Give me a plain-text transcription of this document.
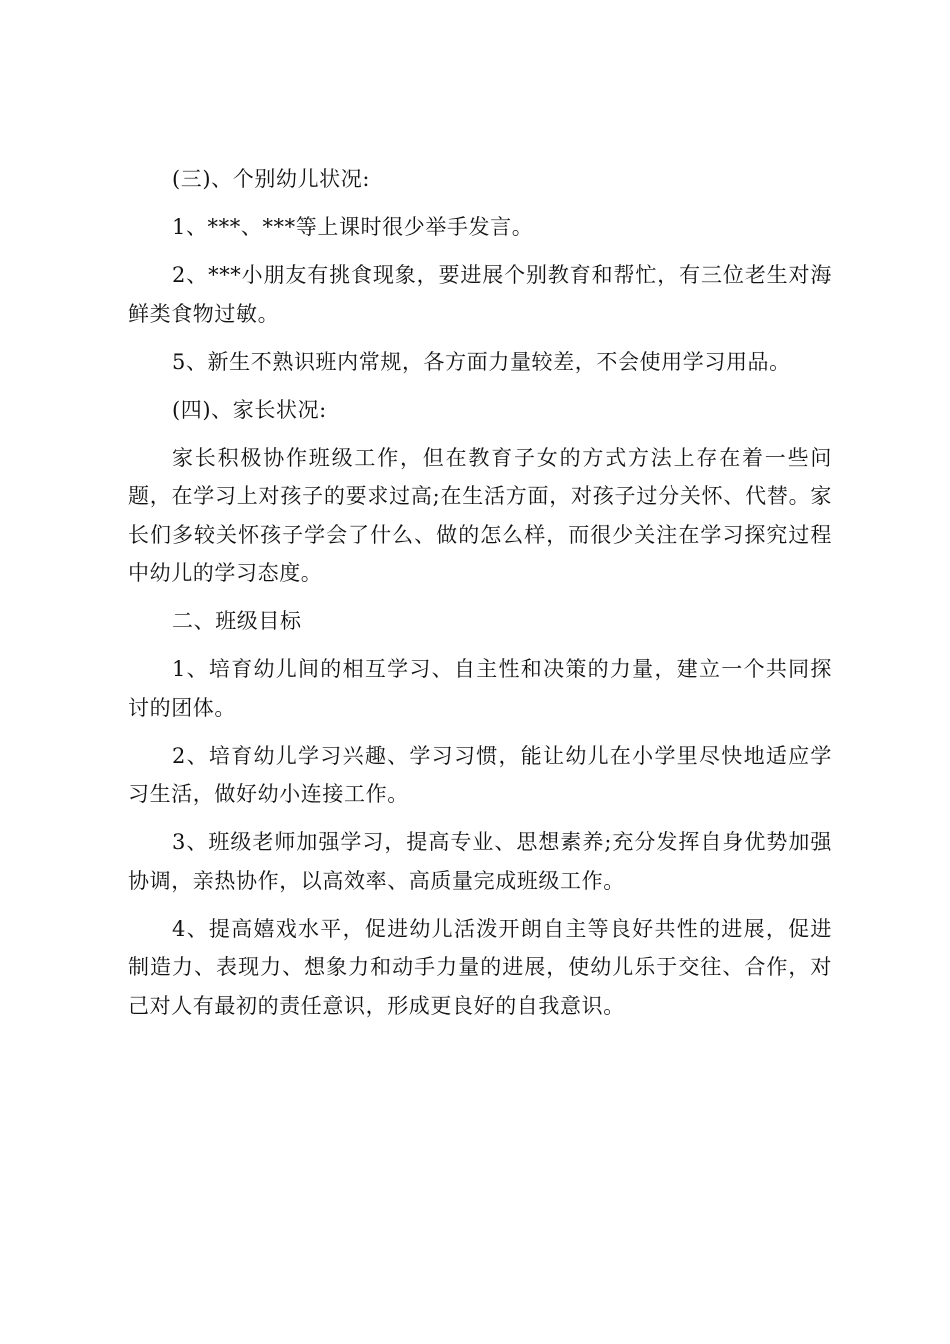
(三)、个别幼儿状况:

1、***、***等上课时很少举手发言。

2、***小朋友有挑食现象，要进展个别教育和帮忙，有三位老生对海鲜类食物过敏。

5、新生不熟识班内常规，各方面力量较差，不会使用学习用品。

(四)、家长状况:

家长积极协作班级工作，但在教育子女的方式方法上存在着一些问题，在学习上对孩子的要求过高;在生活方面，对孩子过分关怀、代替。家长们多较关怀孩子学会了什么、做的怎么样，而很少关注在学习探究过程中幼儿的学习态度。

二、班级目标

1、培育幼儿间的相互学习、自主性和决策的力量，建立一个共同探讨的团体。

2、培育幼儿学习兴趣、学习习惯，能让幼儿在小学里尽快地适应学习生活，做好幼小连接工作。

3、班级老师加强学习，提高专业、思想素养;充分发挥自身优势加强协调，亲热协作，以高效率、高质量完成班级工作。

4、提高嬉戏水平，促进幼儿活泼开朗自主等良好共性的进展，促进制造力、表现力、想象力和动手力量的进展，使幼儿乐于交往、合作，对己对人有最初的责任意识，形成更良好的自我意识。
